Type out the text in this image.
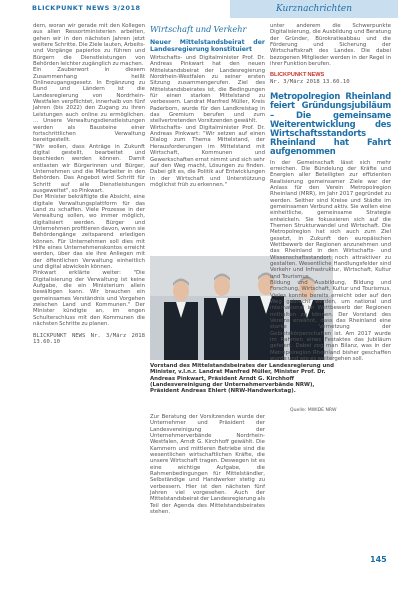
BLICKPUNKT NEWS 3/2018	Kurznachrichten

dem, woran wir gerade mit den Kollegen aus allen Ressortministerien arbeiten, gehen wir in den nächsten Jahren jetzt weitere Schritte. Die Ziele lauten, Arbeits- und Vorgänge papierlos zu führen und Bürgern die Dienstleistungen von Behörden leichter zugänglich zu machen.

Ein Zauberwort in diesem Zusammenhang heißt Onlinezugangsgesetz. In Ergänzung zu Bund und Ländern ist die Landesregierung von Nordrhein-Westfalen verpflichtet, innerhalb von fünf Jahren (bis 2022) den Zugang zu ihren Leistungen auch online zu ermöglichen. ... Unsere Verwaltungsdienstleistungen werden als Bausteine einer fortschrittlichen Verwaltung bereitgestellt.

"Wir wollen, dass Anträge in Zukunft digital gestellt, bearbeitet und beschieden werden können. Damit entlasten wir Bürgerinnen und Bürger, Unternehmen und die Mitarbeiter in den Behörden. Das Angebot wird Schritt für Schritt auf alle Dienstleistungen ausgeweitet", so Pinkwart.

Der Minister bekräftigte die Absicht, eine digitale Verwaltungsplattform für das Land zu schaffen. Viele Prozesse in der Verwaltung sollen, wo immer möglich, digitalisiert werden. Bürger und Unternehmen profitieren davon, wenn sie Behördengänge zeitsparend erledigen können. Für Unternehmen soll dies mit Hilfe eines Unternehmenskontos erreicht werden, über das sie ihre Anliegen mit der öffentlichen Verwaltung einheitlich und digital abwickeln können.

Pinkwart erklärte weiter: "Die Digitalisierung der Verwaltung ist keine Aufgabe, die ein Ministerium allein bewältigen kann. Wir brauchen ein gemeinsames Verständnis und Vorgehen zwischen Land und Kommunen." Der Minister kündigte an, im engen Schulterschluss mit den Kommunen die nächsten Schritte zu planen.

BLICKPUNKT NEWS Nr. 3/März 2018 13.60.10

Wirtschaft und Verkehr
Neuer Mittelstandsbeirat der Landesregierung konstituiert

Wirtschafts- und Digitalminister Prof. Dr. Andreas Pinkwart hat den neuen Mittelstandsbeirat der Landesregierung Nordrhein-Westfalen zu seiner ersten Sitzung zusammengerufen. Ziel des Mittelstandsbeirates ist, die Bedingungen für einen starken Mittelstand zu verbessern. Landrat Manfred Müller, Kreis Paderborn, wurde für den Landkreistag in das Gremium berufen und zum stellvertretenden Vorsitzenden gewählt.

Wirtschafts- und Digitalminister Prof. Dr. Andreas Pinkwart: "Wir setzen auf einen Dialog zum Thema Mittelstand, der Herausforderungen im Mittelstand mit Wirtschaft, Kommunen und Gewerkschaften ernst nimmt und sich sehr auf den Weg macht, Lösungen zu finden. Dabei gilt es, die Politik auf Entwicklungen in der Wirtschaft und Unterstützung möglichst früh zu erkennen."

Vorstand des Mittelstandsbeirates der Landesregierung und Minister, v.l.n.r. Landrat Manfred Müller, Minister Prof. Dr. Andreas Pinkwart, Präsident Arndt G. Kirchhoff (Landesvereinigung der Unternehmerverbände NRW), Präsident Andreas Ehlert (NRW-Handwerkstag).
Quelle: MWIDE NRW

Zur Beratung der Vorsitzenden wurde der Unternehmer und Präsident der Landesvereinigung der Unternehmerverbände Nordrhein-Westfalen, Arndt G. Kirchhoff gewählt. Die Kammern und mittleren Betriebe sind die wesentlichen wirtschaftlichen Kräfte, die unsere Wirtschaft tragen. Deswegen ist es eine wichtige Aufgabe, die Rahmenbedingungen für Mittelständler, Selbständige und Handwerker stetig zu verbessern. Hier ist den nächsten fünf Jahren viel vorgesehen. Auch der Mittelstandsbeirat der Landesregierung als Teil der Agenda des Mittelstandsbeirates stehen.

unter anderem die Schwerpunkte Digitalisierung, die Ausbildung und Beratung der Gründer, Bürokratieabbau und die Förderung und Sicherung der Wirtschaftskraft des Landes. Die dabei bezogenen Mitglieder werden in der Regel in ihrer Funktion berufen.

BLICKPUNKT NEWS

Nr. 3/März 2018 13.60.10

Metropolregion Rheinland feiert Gründungsjubiläum – Die gemeinsame Weiterentwicklung des Wirtschaftsstandorts Rheinland hat Fahrt aufgenommen

In der Gemeinschaft lässt sich mehr erreichen. Die Bündelung der Kräfte und Energien aller Beteiligten zur effizienten Realisierung gemeinsamer Ziele war der Anlass für den Verein Metropolregion Rheinland (MRR), im Jahr 2017 gegründet zu werden. Seither sind Kreise und Städte im gemeinsamen Verbund aktiv. Sie wollen eine einheitliche, gemeinsame Strategie entwickeln. Sie fokussieren sich auf die Themen Strukturwandel und Wirtschaft. Die Metropolregion hat sich auch zum Ziel gesetzt, in Zukunft den europäischen Wettbewerb der Regionen anzunehmen und das Rheinland in den Wirtschafts- und Wissenschaftsstandort noch attraktiver zu gestalten. Wesentliche Handlungsfelder sind Verkehr und Infrastruktur, Wirtschaft, Kultur und Tourismus.

Bildung und Ausbildung, Bildung und Forschung, Wirtschaft, Kultur und Tourismus. Vieles konnte bereits erreicht oder auf den Weg gebracht werden, um national und international im Wettbewerb der Regionen mithalten zu können. Der Vorstand des Vereins erwähnt, dass das Rheinland eine starke Vernetzung der Gebietskörperschaften ist. Am 2017 wurde im Rahmen eines Festaktes das Jubiläum gefeiert. Dabei zog man Bilanz, was in der Metropolregion Rheinland bisher geschaffen wurde und wie es weitergehen soll.

145
